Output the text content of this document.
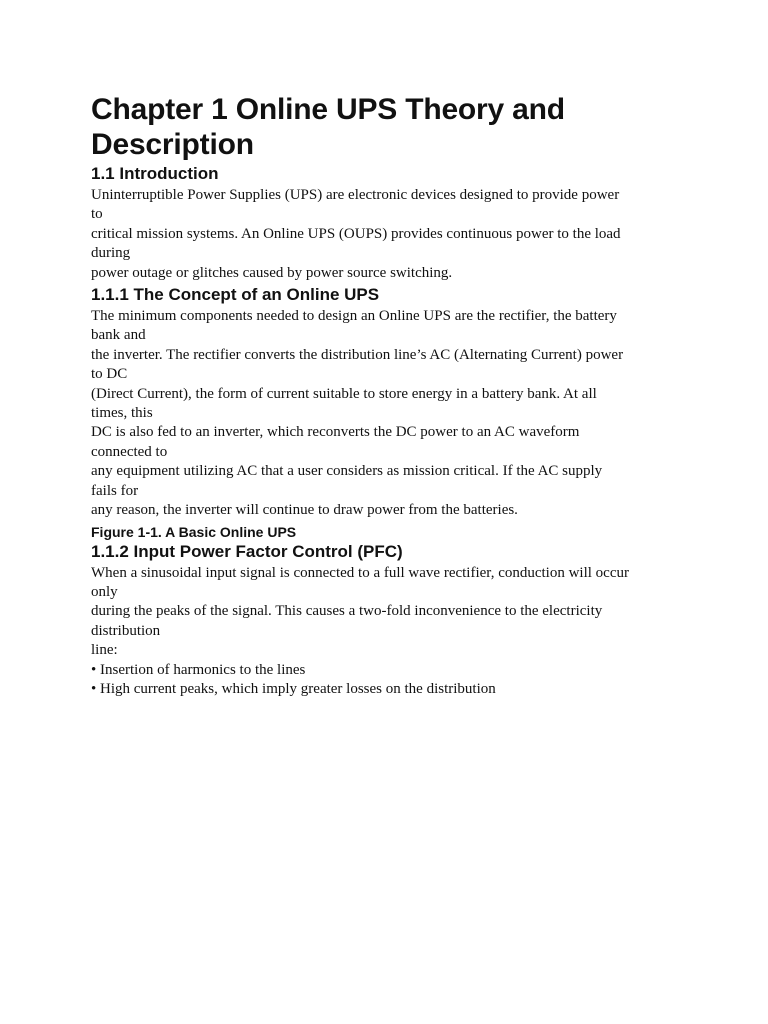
Chapter 1 Online UPS Theory and Description
1.1 Introduction

Uninterruptible Power Supplies (UPS) are electronic devices designed to provide power

to

critical mission systems. An Online UPS (OUPS) provides continuous power to the load

during

power outage or glitches caused by power source switching.

1.1.1 The Concept of an Online UPS

The minimum components needed to design an Online UPS are the rectifier, the battery

bank and

the inverter. The rectifier converts the distribution line’s AC (Alternating Current) power

to DC

(Direct Current), the form of current suitable to store energy in a battery bank. At all

times, this

DC is also fed to an inverter, which reconverts the DC power to an AC waveform

connected to

any equipment utilizing AC that a user considers as mission critical. If the AC supply

fails for

any reason, the inverter will continue to draw power from the batteries.

Figure 1-1. A Basic Online UPS

1.1.2 Input Power Factor Control (PFC)

When a sinusoidal input signal is connected to a full wave rectifier, conduction will occur

only

during the peaks of the signal. This causes a two-fold inconvenience to the electricity

distribution

line:

• Insertion of harmonics to the lines

• High current peaks, which imply greater losses on the distribution
